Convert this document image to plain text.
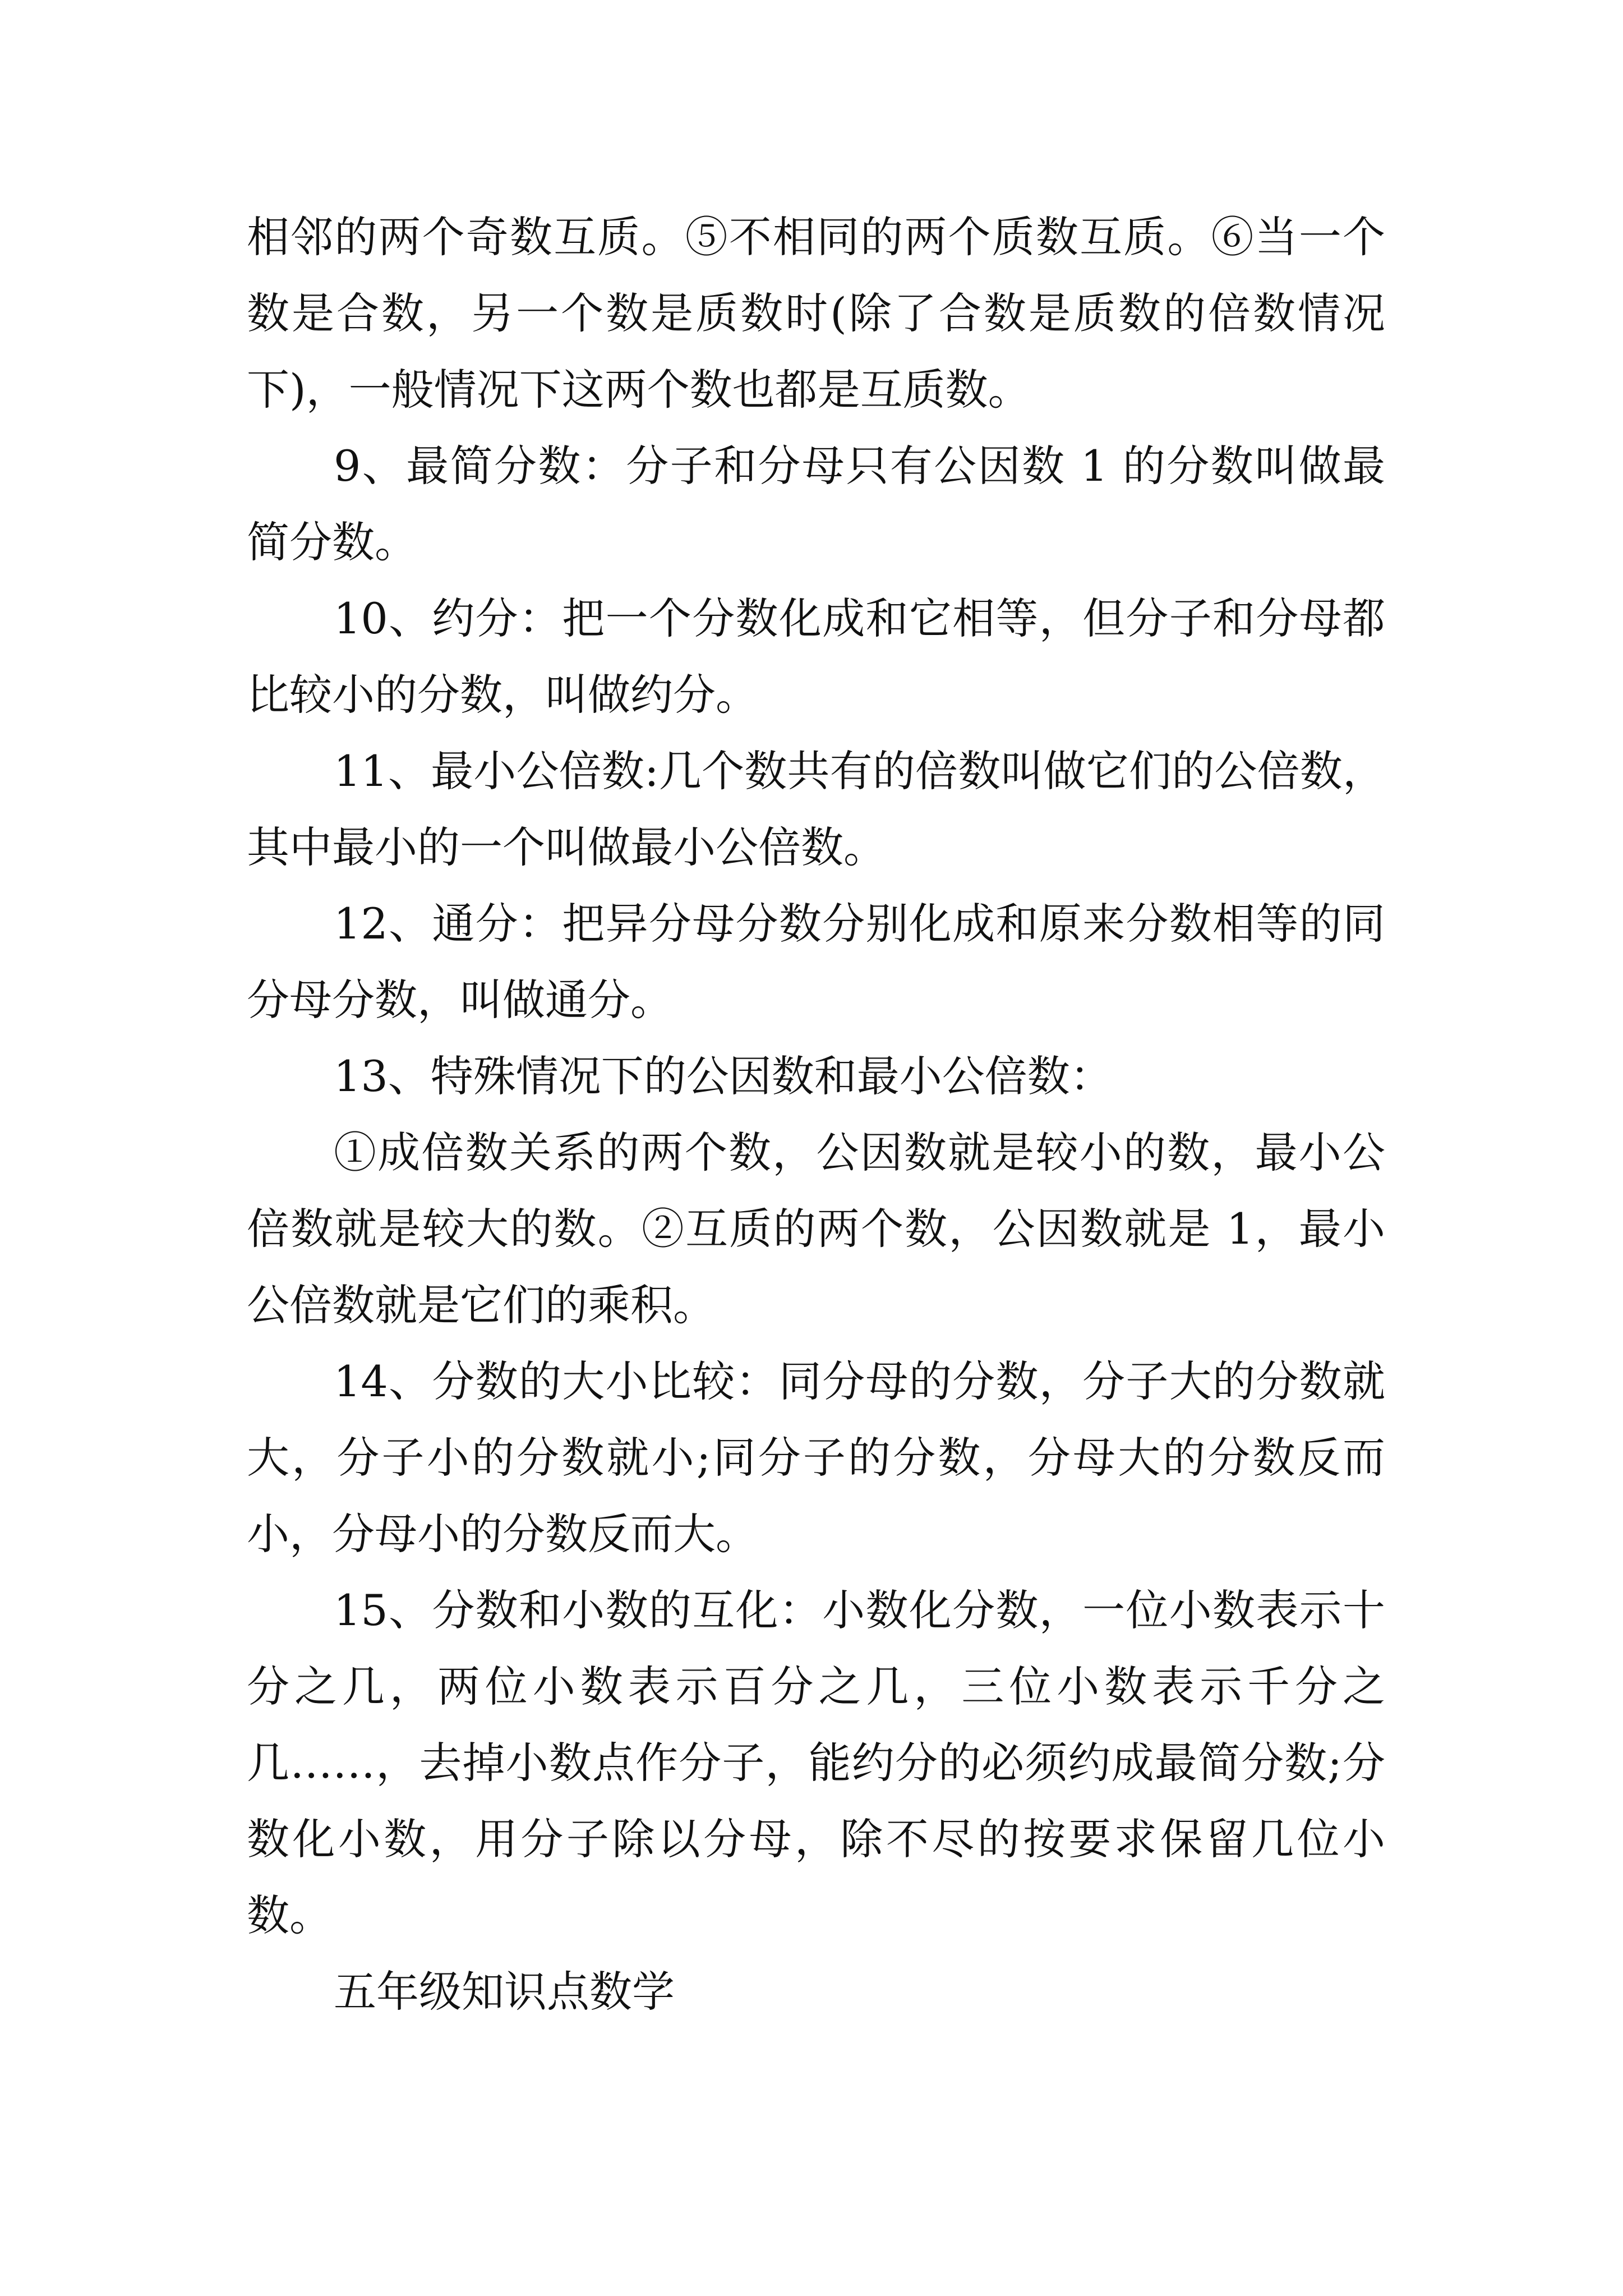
相邻的两个奇数互质。⑤不相同的两个质数互质。⑥当一个数是合数，另一个数是质数时(除了合数是质数的倍数情况下)，一般情况下这两个数也都是互质数。

9、最简分数：分子和分母只有公因数 1 的分数叫做最简分数。

10、约分：把一个分数化成和它相等，但分子和分母都比较小的分数，叫做约分。

11、最小公倍数:几个数共有的倍数叫做它们的公倍数，其中最小的一个叫做最小公倍数。

12、通分：把异分母分数分别化成和原来分数相等的同分母分数，叫做通分。

13、特殊情况下的公因数和最小公倍数：

①成倍数关系的两个数，公因数就是较小的数，最小公倍数就是较大的数。②互质的两个数，公因数就是 1，最小公倍数就是它们的乘积。

14、分数的大小比较：同分母的分数，分子大的分数就大，分子小的分数就小;同分子的分数，分母大的分数反而小，分母小的分数反而大。

15、分数和小数的互化：小数化分数，一位小数表示十分之几，两位小数表示百分之几，三位小数表示千分之几……，去掉小数点作分子，能约分的必须约成最简分数;分数化小数，用分子除以分母，除不尽的按要求保留几位小数。

五年级知识点数学
